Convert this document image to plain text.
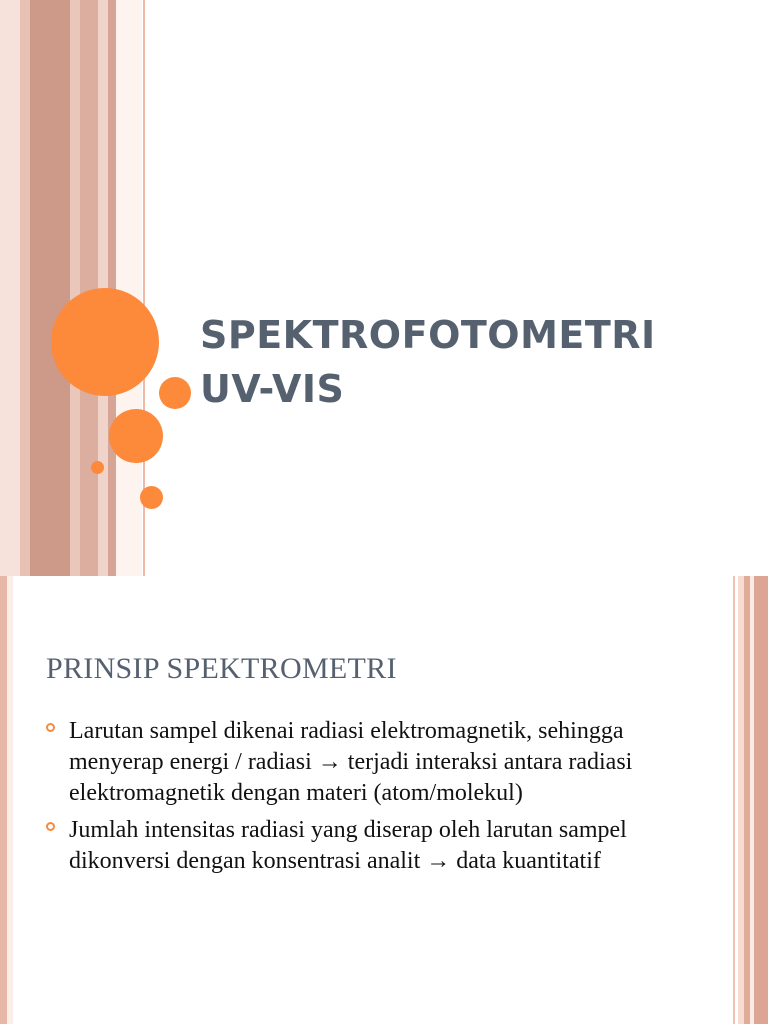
SPEKTROFOTOMETRI
UV-VIS
PRINSIP SPEKTROMETRI
Larutan sampel dikenai radiasi elektromagnetik, sehingga menyerap energi / radiasi → terjadi interaksi antara radiasi elektromagnetik dengan materi (atom/molekul)
Jumlah intensitas radiasi yang diserap oleh larutan sampel dikonversi dengan konsentrasi analit → data kuantitatif
